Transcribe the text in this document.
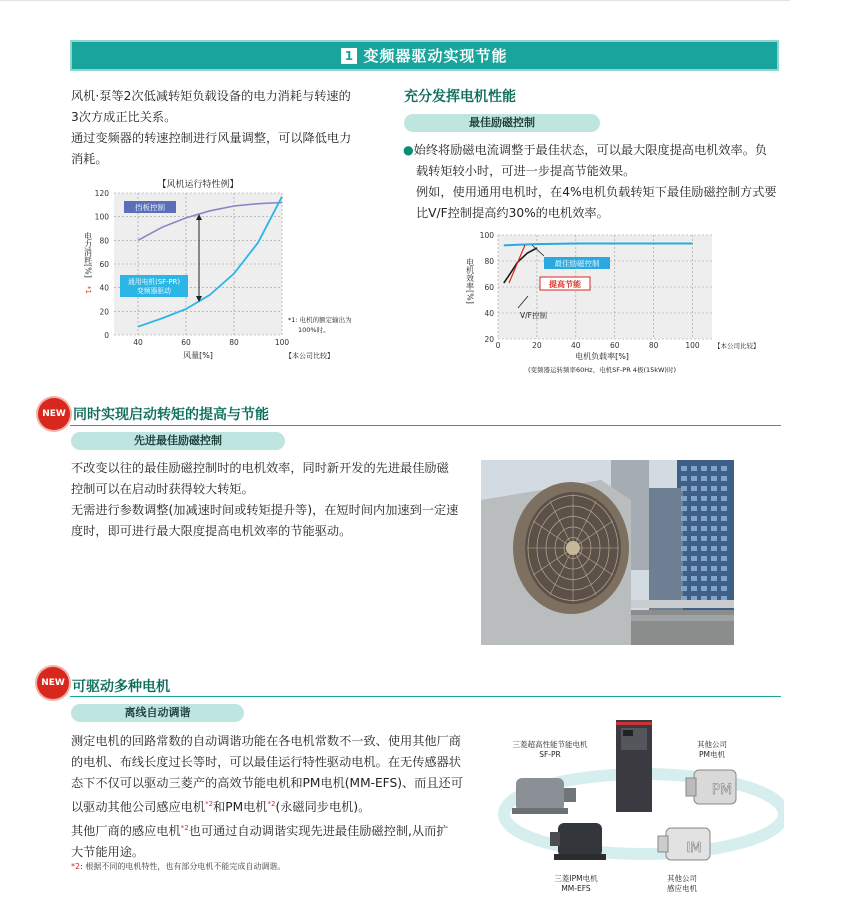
1 变频器驱动实现节能
风机·泵等2次低减转矩负载设备的电力消耗与转速的
3次方成正比关系。
通过变频器的转速控制进行风量调整，可以降低电力
消耗。
【风机运行特性例】
120
100
80
60
40
20
0
40	60	80	100
挡板控制
通用电机(SF-PR)
变频器驱动
电力消耗[%]
*1
风量[%]	【本公司比较】
*1: 电机的额定输出为
100%时。
充分发挥电机性能
最佳励磁控制
●始终将励磁电流调整于最佳状态，可以最大限度提高电机效率。负
载转矩较小时，可进一步提高节能效果。
例如，使用通用电机时，在4%电机负载转矩下最佳励磁控制方式要
比V/F控制提高约30%的电机效率。
100
80
60
40
20
0	20	40	60	80	100
最佳励磁控制
提高节能
V/F控制
电机效率[%]
电机负载率[%]
【本公司比较】
(变频器运转频率60Hz、电机SF-PR 4极(15kW)时)
NEW 同时实现启动转矩的提高与节能
先进最佳励磁控制
不改变以往的最佳励磁控制时的电机效率，同时新开发的先进最佳励磁
控制可以在启动时获得较大转矩。
无需进行参数调整(加减速时间或转矩提升等)，在短时间内加速到一定速
度时，即可进行最大限度提高电机效率的节能驱动。
NEW 可驱动多种电机
离线自动调谐
测定电机的回路常数的自动调谐功能在各电机常数不一致、使用其他厂商
的电机、布线长度过长等时，可以最佳运行特性驱动电机。在无传感器状
态下不仅可以驱动三菱产的高效节能电机和PM电机(MM-EFS)、而且还可
以驱动其他公司感应电机$^{*2}$和PM电机$^{*2}$(永磁同步电机)。
其他厂商的感应电机$^{*2}$也可通过自动调谐实现先进最佳励磁控制,从而扩
大节能用途。
*2: 根据不同的电机特性，也有部分电机不能完成自动调谐。
三菱超高性能节能电机
SF-PR
PM
其他公司
PM电机
三菱IPM电机
MM-EFS
IM
其他公司
感应电机
